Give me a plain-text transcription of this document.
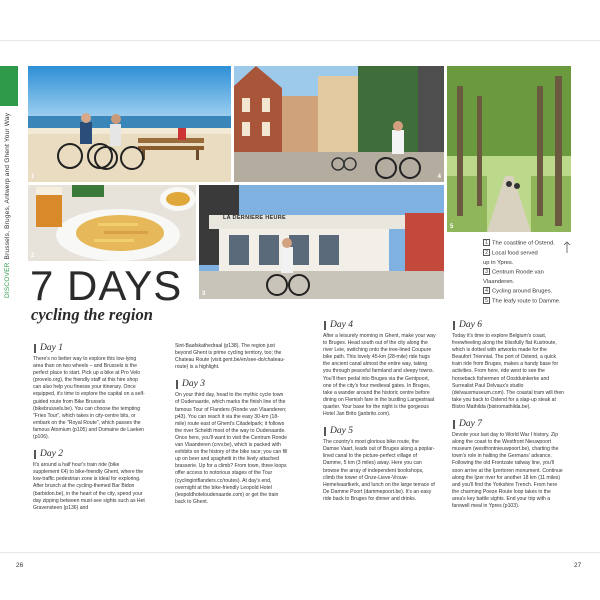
DISCOVERBrussels, Bruges, Antwerp and Ghent Your Way	1	4
5
2
LA DERNIERE HEURE
3
1 The coastline of Ostend.
2 Local food served
up in Ypres.
3 Centrum Ronde van
Vlaanderen.
4 Cycling around Bruges.
5 The leafy route to Damme.
7 DAYS
cycling the region
Day 1
There's no better way to explore this low-lying area than on two wheels – and Brussels is the perfect place to start. Pick up a bike at Pro Velo (provelo.org), the friendly staff at this hire shop can also help you finesse your itinerary. Once equipped, it's time to explore the capital on a self-guided route from Bike Brussels (bikebrussels.be). You can choose the tempting "Fries Tour", which takes in city-centre bits, or embark on the "Royal Route", which passes the famous Atomium (p105) and Domaine de Laeken (p106).
Day 2
It's around a half hour's train ride (bike supplement €4) to bike-friendly Ghent, where the low-traffic pedestrian zone is ideal for exploring. After brunch at the cycling-themed Bar Bidon (barbidon.be), in the heart of the city, spend your day zipping between must-see sights such as Het Gravensteen (p136) and
Sint-Baafskathedraal (p138). The region just beyond Ghent is prime cycling territory, too; the Chateau Route (visit.gent.be/en/see-do/chateau-route) is a highlight.
Day 3
On your third day, head to the mythic cycle town of Oudenaarde, which marks the finish line of the famous Tour of Flanders (Ronde van Vlaanderen; p43). You can reach it via the easy 30-km (18-mile) route east of Ghent's Citadelpark; it follows the river Scheldt most of the way to Oudenaarde. Once here, you'll want to visit the Centrum Ronde van Vlaanderen (crvv.be), which is packed with exhibits on the history of the bike race; you can fill up on beer and spaghetti in the lively attached brasserie. Up for a climb? From town, three loops offer access to notorious stages of the Tour (cyclingintflanders.cc/routes). At day's end, overnight at the bike-friendly Leopold Hotel (leopoldhoteloudenaarde.com) or get the train back to Ghent.
Day 4
After a leisurely morning in Ghent, make your way to Bruges. Head south out of the city along the river Leie, switching onto the tree-lined Coupure bike path. This lovely 45-km (28-mile) ride hugs the ancient canal almost the entire way, taking you through peaceful farmland and sleepy towns. You'll then pedal into Bruges via the Gentpoort, one of the city's four medieval gates. In Bruges, take a wander around the historic centre before dining on Flemish fare in the bustling Langestraat quarter. Your base for the night is the gorgeous Hotel Jan Brito (janbrito.com).
Day 5
The country's most glorious bike route, the Damse Vaart, leads out of Bruges along a poplar-lined canal to the picture-perfect village of Damme, 5 km (3 miles) away. Here you can browse the array of independent bookshops, climb the tower of Onze-Lieve-Vrouw-Hemelvaartkerk, and lunch on the large terrace of De Damme Poort (dammepoort.be). It's an easy ride back to Bruges for dinner and drinks.
Day 6
Today it's time to explore Belgium's coast, freewheeling along the blissfully flat Kustroute, which is dotted with artworks made for the Beaufort Triennial. The port of Ostend, a quick train ride from Bruges, makes a handy base for activities. From here, ride west to see the horseback fishermen of Oostduinkerke and Surrealist Paul Delvaux's studio (delvauxmuseum.com). The coastal tram will then take you back to Ostend for a slap-up steak at Bistro Mathilda (bistromathilda.be).
Day 7
Devote your last day to World War I history. Zip along the coast to the Westfront Nieuwpoort museum (westfrontnieuwpoort.be), charting the town's role in halting the Germans' advance. Following the old Frontzate railway line, you'll soon arrive at the Ijzertoren monument. Continue along the Ijzer river for another 18 km (11 miles) and you'll find the Yorkshire Trench. From here the charming Poeze Route loop takes in the area's key battle sights. End your trip with a farewell meal in Ypres (p103).
26	27
